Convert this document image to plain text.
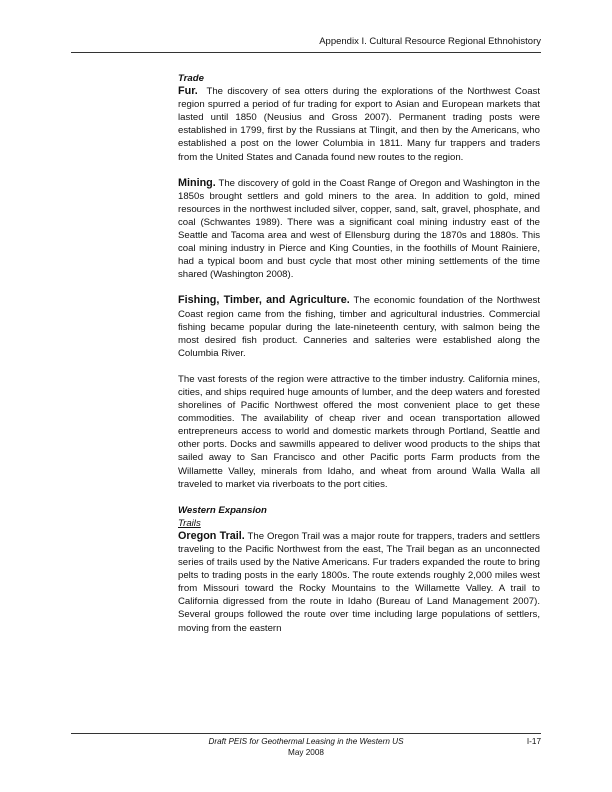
Appendix I. Cultural Resource Regional Ethnohistory
Trade

Fur. The discovery of sea otters during the explorations of the Northwest Coast region spurred a period of fur trading for export to Asian and European markets that lasted until 1850 (Neusius and Gross 2007). Permanent trading posts were established in 1799, first by the Russians at Tlingit, and then by the Americans, who established a post on the lower Columbia in 1811. Many fur trappers and traders from the United States and Canada found new routes to the region.

Mining. The discovery of gold in the Coast Range of Oregon and Washington in the 1850s brought settlers and gold miners to the area. In addition to gold, mined resources in the northwest included silver, copper, sand, salt, gravel, phosphate, and coal (Schwantes 1989). There was a significant coal mining industry east of the Seattle and Tacoma area and west of Ellensburg during the 1870s and 1880s. This coal mining industry in Pierce and King Counties, in the foothills of Mount Rainiere, had a typical boom and bust cycle that most other mining settlements of the time shared (Washington 2008).

Fishing, Timber, and Agriculture. The economic foundation of the Northwest Coast region came from the fishing, timber and agricultural industries. Commercial fishing became popular during the late-nineteenth century, with salmon being the most desired fish product. Canneries and salteries were established along the Columbia River.

The vast forests of the region were attractive to the timber industry. California mines, cities, and ships required huge amounts of lumber, and the deep waters and forested shorelines of Pacific Northwest offered the most convenient place to get these commodities. The availability of cheap river and ocean transportation allowed entrepreneurs access to world and domestic markets through Portland, Seattle and other ports. Docks and sawmills appeared to deliver wood products to the ships that sailed away to San Francisco and other Pacific ports Farm products from the Willamette Valley, minerals from Idaho, and wheat from around Walla Walla all traveled to market via riverboats to the port cities.

Western Expansion
Trails

Oregon Trail. The Oregon Trail was a major route for trappers, traders and settlers traveling to the Pacific Northwest from the east, The Trail began as an unconnected series of trails used by the Native Americans. Fur traders expanded the route to bring pelts to trading posts in the early 1800s. The route extends roughly 2,000 miles west from Missouri toward the Rocky Mountains to the Willamette Valley. A trail to California digressed from the route in Idaho (Bureau of Land Management 2007). Several groups followed the route over time including large populations of settlers, moving from the eastern

Draft PEIS for Geothermal Leasing in the Western US
May 2008
I-17
